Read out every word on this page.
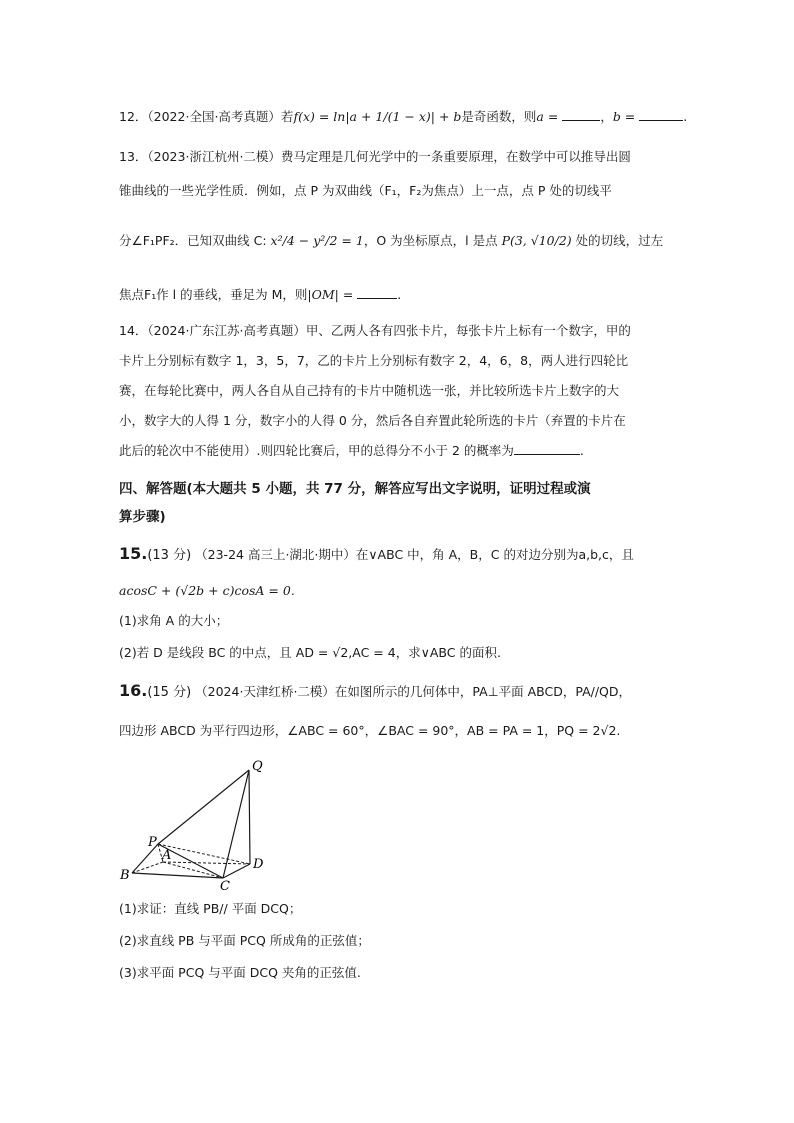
12．（2022·全国·高考真题）若f(x) = ln|a + 1/(1 − x)| + b是奇函数，则a =	，b =	.
13．（2023·浙江杭州·二模）费马定理是几何光学中的一条重要原理，在数学中可以推导出圆
锥曲线的一些光学性质．例如，点 P 为双曲线（F₁，F₂为焦点）上一点，点 P 处的切线平
分∠F₁PF₂．已知双曲线 C: x²/4 − y²/2 = 1，O 为坐标原点，l 是点 P(3, √10/2) 处的切线，过左
焦点F₁作 l 的垂线，垂足为 M，则|OM| =	.
14．（2024·广东江苏·高考真题）甲、乙两人各有四张卡片，每张卡片上标有一个数字，甲的
卡片上分别标有数字 1，3，5，7，乙的卡片上分别标有数字 2，4，6，8，两人进行四轮比
赛，在每轮比赛中，两人各自从自己持有的卡片中随机选一张，并比较所选卡片上数字的大
小，数字大的人得 1 分，数字小的人得 0 分，然后各自弃置此轮所选的卡片（弃置的卡片在
此后的轮次中不能使用）.则四轮比赛后，甲的总得分不小于 2 的概率为	.
四、解答题(本大题共 5 小题，共 77 分，解答应写出文字说明，证明过程或演
算步骤)
15.(13 分) （23-24 高三上·湖北·期中）在∨ABC 中，角 A，B，C 的对边分别为a,b,c，且
acosC + (√2b + c)cosA = 0.
(1)求角 A 的大小；
(2)若 D 是线段 BC 的中点，且 AD = √2,AC = 4，求∨ABC 的面积.
16.(15 分) （2024·天津红桥·二模）在如图所示的几何体中，PA⊥平面 ABCD，PA//QD，
四边形 ABCD 为平行四边形，∠ABC = 60°，∠BAC = 90°，AB = PA = 1，PQ = 2√2.
Q
P
A
B
C
D
(1)求证：直线 PB// 平面 DCQ；
(2)求直线 PB 与平面 PCQ 所成角的正弦值；
(3)求平面 PCQ 与平面 DCQ 夹角的正弦值.
